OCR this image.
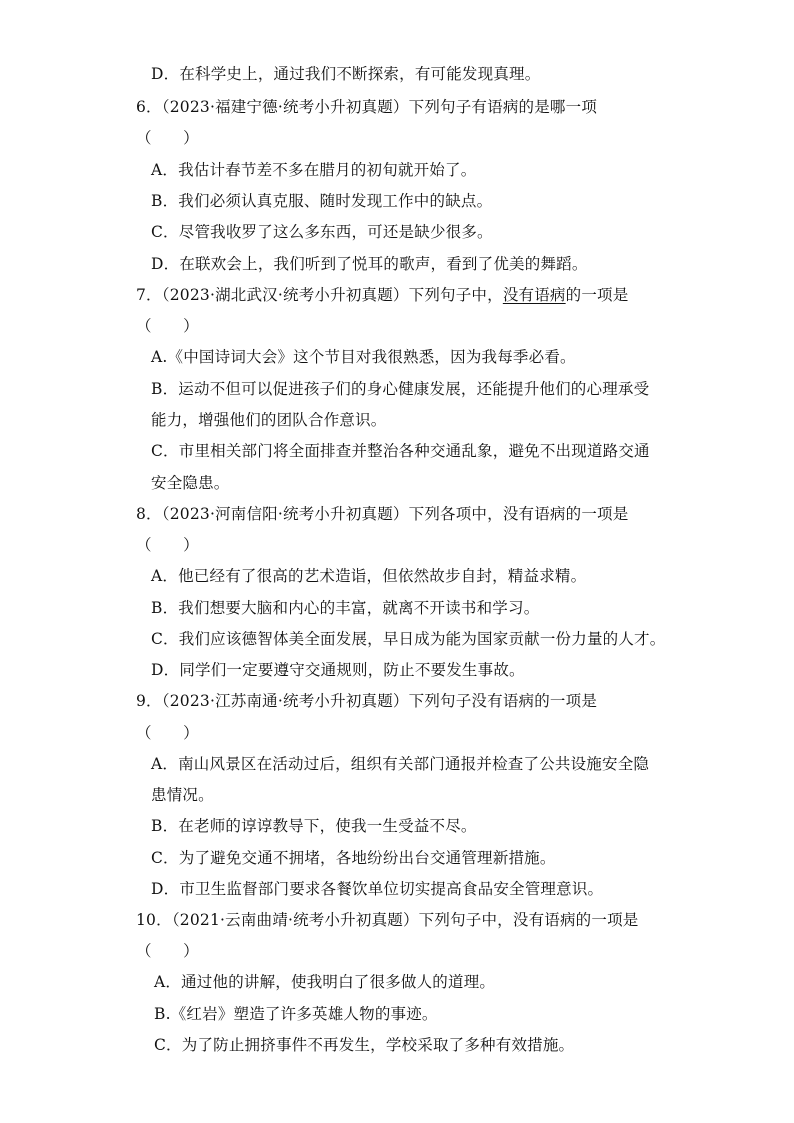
D．在科学史上，通过我们不断探索，有可能发现真理。
6．（2023·福建宁德·统考小升初真题）下列句子有语病的是哪一项
（　　）
A．我估计春节差不多在腊月的初旬就开始了。
B．我们必须认真克服、随时发现工作中的缺点。
C．尽管我收罗了这么多东西，可还是缺少很多。
D．在联欢会上，我们听到了悦耳的歌声，看到了优美的舞蹈。
7．（2023·湖北武汉·统考小升初真题）下列句子中，没有语病的一项是
（　　）
A.《中国诗词大会》这个节目对我很熟悉，因为我每季必看。
B．运动不但可以促进孩子们的身心健康发展，还能提升他们的心理承受
能力，增强他们的团队合作意识。
C．市里相关部门将全面排查并整治各种交通乱象，避免不出现道路交通
安全隐患。
8．（2023·河南信阳·统考小升初真题）下列各项中，没有语病的一项是
（　　）
A．他已经有了很高的艺术造诣，但依然故步自封，精益求精。
B．我们想要大脑和内心的丰富，就离不开读书和学习。
C．我们应该德智体美全面发展，早日成为能为国家贡献一份力量的人才。
D．同学们一定要遵守交通规则，防止不要发生事故。
9．（2023·江苏南通·统考小升初真题）下列句子没有语病的一项是
（　　）
A．南山风景区在活动过后，组织有关部门通报并检查了公共设施安全隐
患情况。
B．在老师的谆谆教导下，使我一生受益不尽。
C．为了避免交通不拥堵，各地纷纷出台交通管理新措施。
D．市卫生监督部门要求各餐饮单位切实提高食品安全管理意识。
10．（2021·云南曲靖·统考小升初真题）下列句子中，没有语病的一项是
（　　）
A．通过他的讲解，使我明白了很多做人的道理。
B.《红岩》塑造了许多英雄人物的事迹。
C．为了防止拥挤事件不再发生，学校采取了多种有效措施。
